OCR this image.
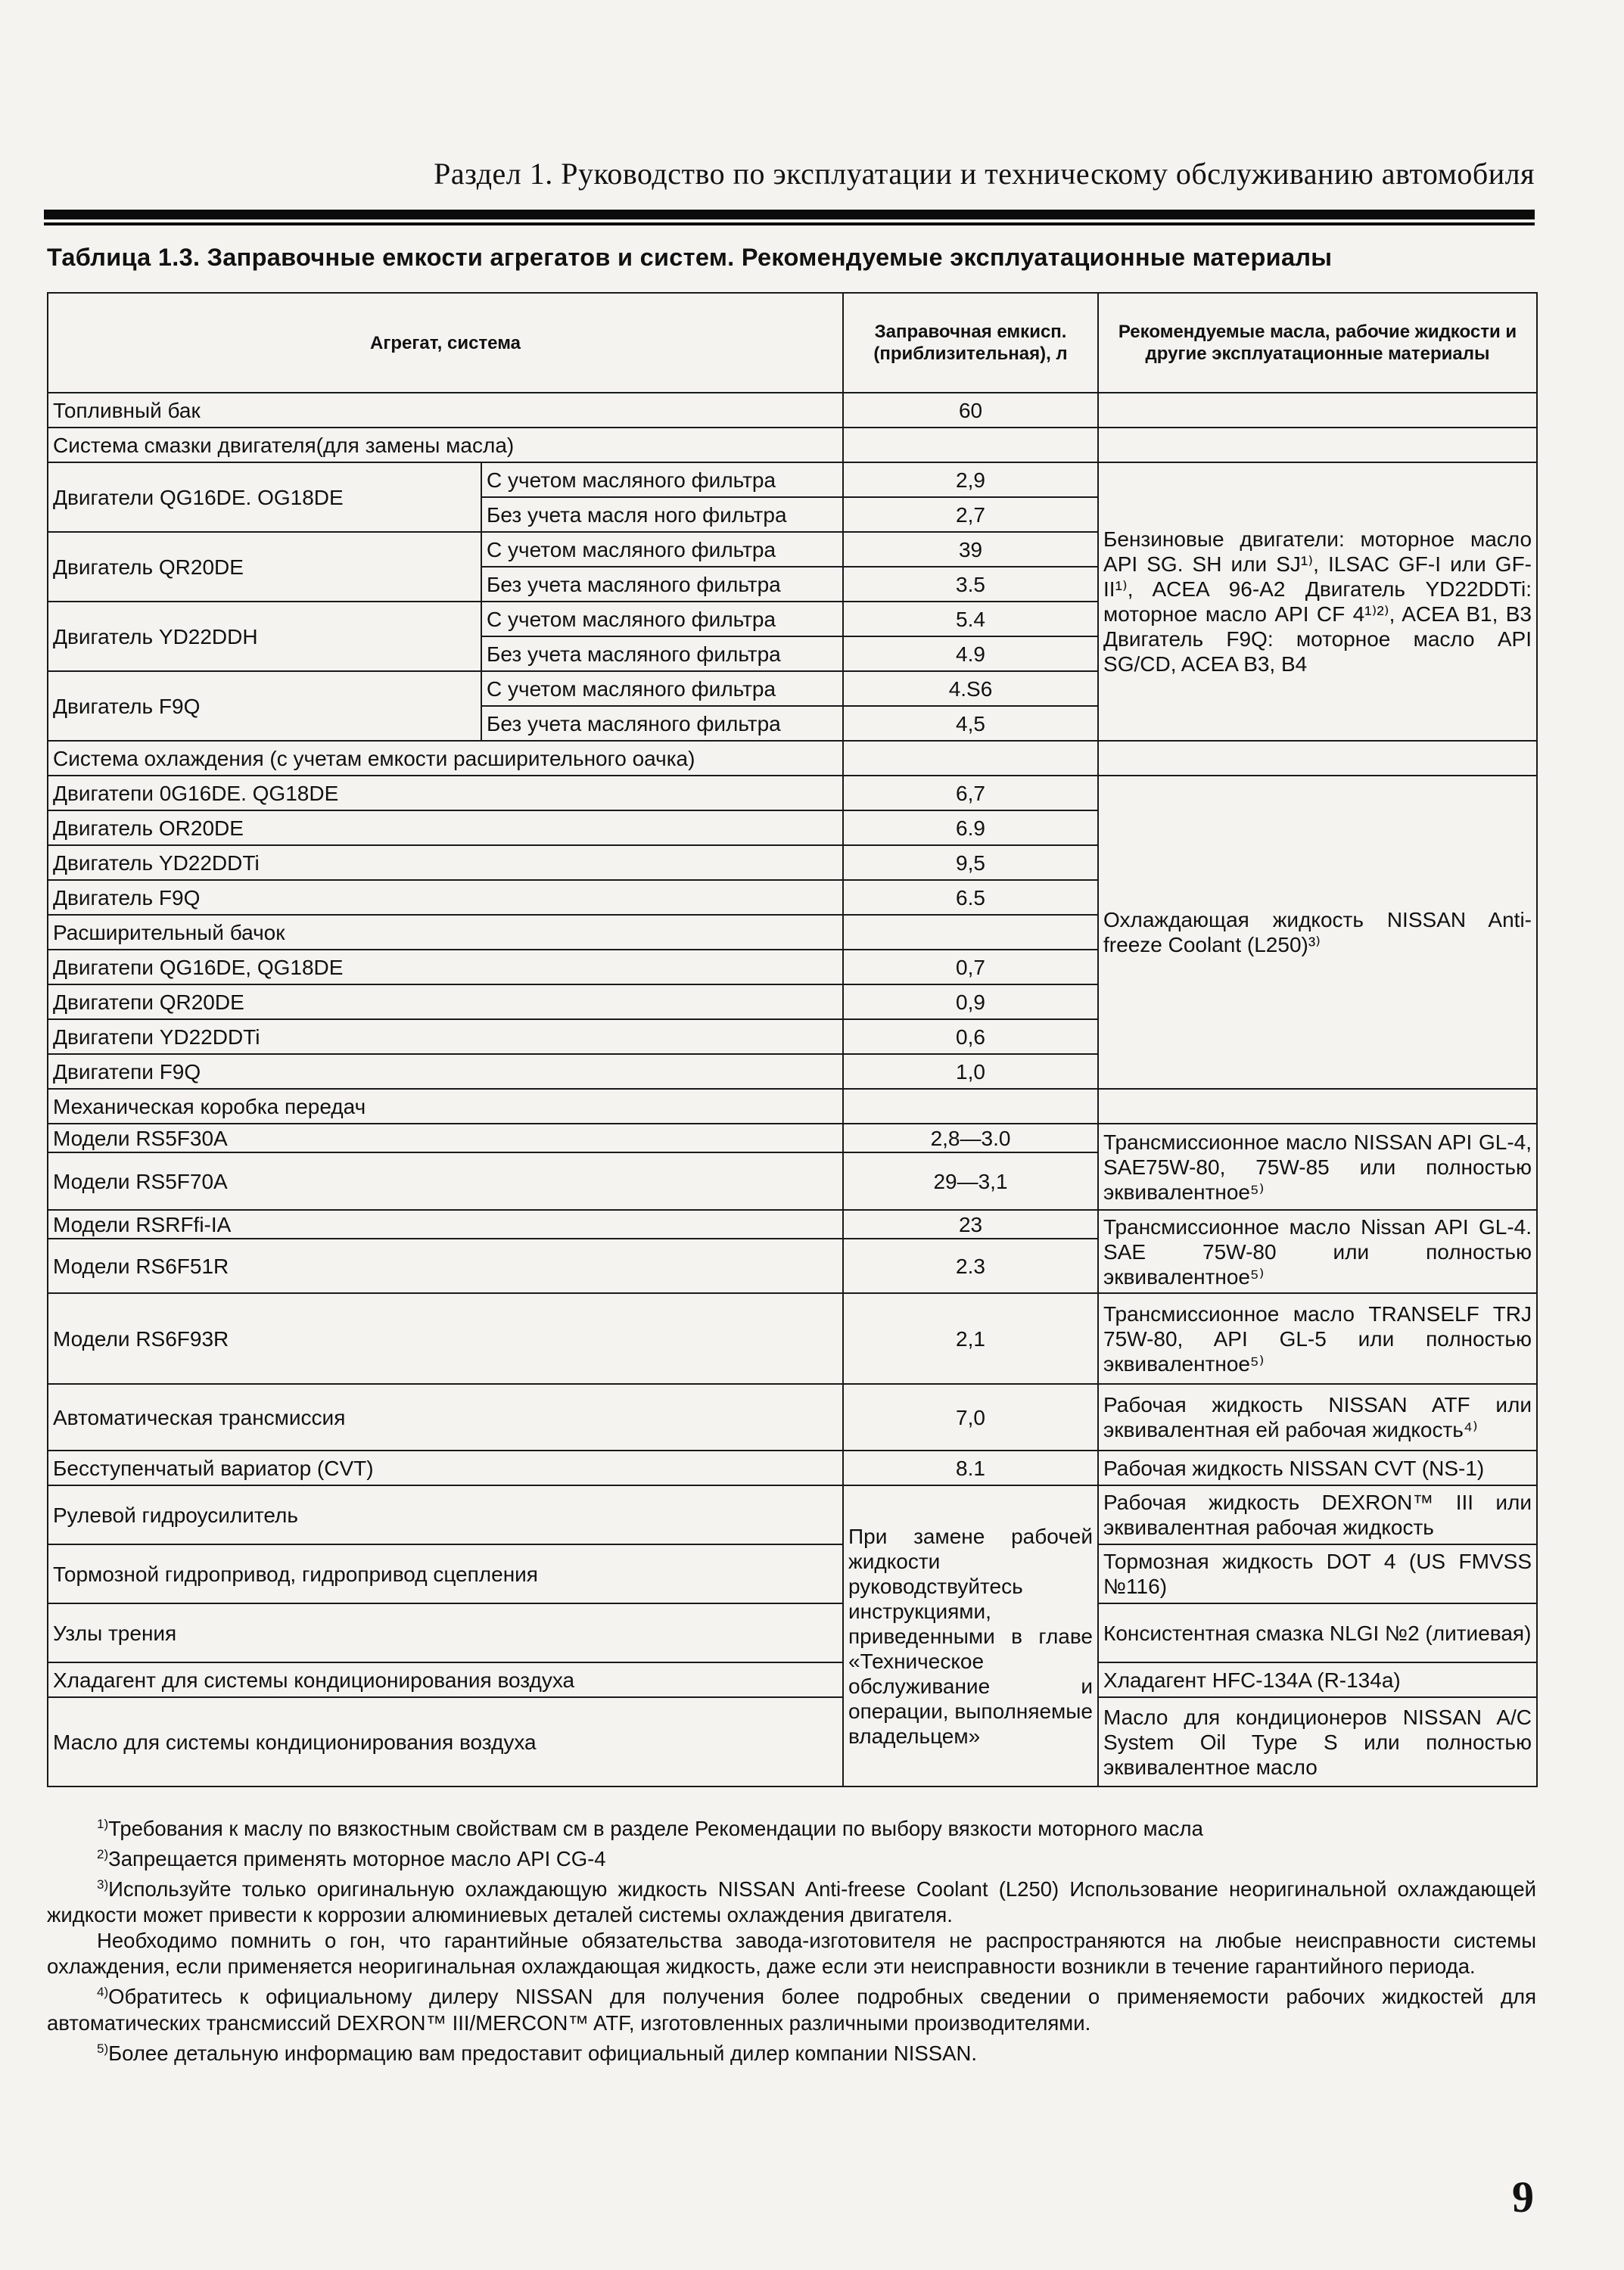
Раздел 1. Руководство по эксплуатации и техническому обслуживанию автомобиля
Таблица 1.3. Заправочные емкости агрегатов и систем. Рекомендуемые эксплуатационные материалы
Агрегат, система		Заправочная емкисп. (приблизительная), л	Рекомендуемые масла, рабочие жидкости и другие эксплуатационные материалы
Топливный бак		60	
Система смазки двигателя(для замены масла)			
Двигатели QG16DE. OG18DE	С учетом масляного фильтра	2,9	Бензиновые двигатели: моторное масло API SG. SH или SJ¹⁾, ILSAC GF-I или GF-II¹⁾, ACEA 96-A2 Двигатель YD22DDTi: моторное масло API CF 4¹⁾²⁾, ACEA B1, B3 Двигатель F9Q: моторное масло API SG/CD, ACEA B3, B4
	Без учета масля ного фильтра	2,7	
Двигатель QR20DE	С учетом масляного фильтра	39	
	Без учета масляного фильтра	3.5	
Двигатель YD22DDH	С учетом масляного фильтра	5.4	
	Без учета масляного фильтра	4.9	
Двигатель F9Q	С учетом масляного фильтра	4.S6	
	Без учета масляного фильтра	4,5	
Система охлаждения (с учетам емкости расширительного оачка)			
Двигатепи 0G16DE. QG18DE		6,7	Охлаждающая жидкость NISSAN Anti-freeze Coolant (L250)³⁾
Двигатель OR20DE		6.9	
Двигатель YD22DDTi		9,5	
Двигатель F9Q		6.5	
Расширительный бачок			
Двигатепи QG16DE, QG18DE		0,7	
Двигатепи QR20DE		0,9	
Двигатепи YD22DDTi		0,6	
Двигатепи F9Q		1,0	
Механическая коробка передач			
Модели RS5F30A		2,8—3.0	Трансмиссионное масло NISSAN API GL-4, SAE75W-80, 75W-85 или полностью эквивалентное⁵⁾
Модели RS5F70A		29—3,1	
Модели RSRFfi-IA		23	Трансмиссионное масло Nissan API GL-4. SAE 75W-80 или полностью эквивалентное⁵⁾
Модели RS6F51R		2.3	
Модели RS6F93R		2,1	Трансмиссионное масло TRANSELF TRJ 75W-80, API GL-5 или полностью эквивалентное⁵⁾
Автоматическая трансмиссия		7,0	Рабочая жидкость NISSAN ATF или эквивалентная ей рабочая жидкость⁴⁾
Бесступенчатый вариатор (CVT)		8.1	Рабочая жидкость NISSAN CVT (NS-1)
Рулевой гидроусилитель		При замене рабочей жидкости руководствуйтесь инструкциями, приведенными в главе «Техническое обслуживание и операции, выполняемые владельцем»	Рабочая жидкость DEXRON™ III или эквивалентная рабочая жидкость
Тормозной гидропривод, гидропривод сцепления			Тормозная жидкость DOT 4 (US FMVSS №116)
Узлы трения			Консистентная смазка NLGI №2 (литиевая)
Хладагент для системы кондиционирования воздуха			Хладагент HFC-134A (R-134a)
Масло для системы кондиционирования воздуха			Масло для кондиционеров NISSAN A/C System Oil Type S или полностью эквивалентное масло

$^{1)}$Требования к маслу по вязкостным свойствам см в разделе Рекомендации по выбору вязкости моторного масла

$^{2)}$Запрещается применять моторное масло API CG-4

$^{3)}$Используйте только оригинальную охлаждающую жидкость NISSAN Anti-freese Coolant (L250) Использование неоригинальной охлаждающей жидкости может привести к коррозии алюминиевых деталей системы охлаждения двигателя.

Необходимо помнить о гон, что гарантийные обязательства завода-изготовителя не распространяются на любые неисправности системы охлаждения, если применяется неоригинальная охлаждающая жидкость, даже если эти неисправности возникли в течение гарантийного периода.

$^{4)}$Обратитесь к официальному дилеру NISSAN для получения более подробных сведении о применяемости рабочих жидкостей для автоматических трансмиссий DEXRON™ III/MERCON™ ATF, изготовленных различными производителями.

$^{5)}$Более детальную информацию вам предоставит официальный дилер компании NISSAN.

9
